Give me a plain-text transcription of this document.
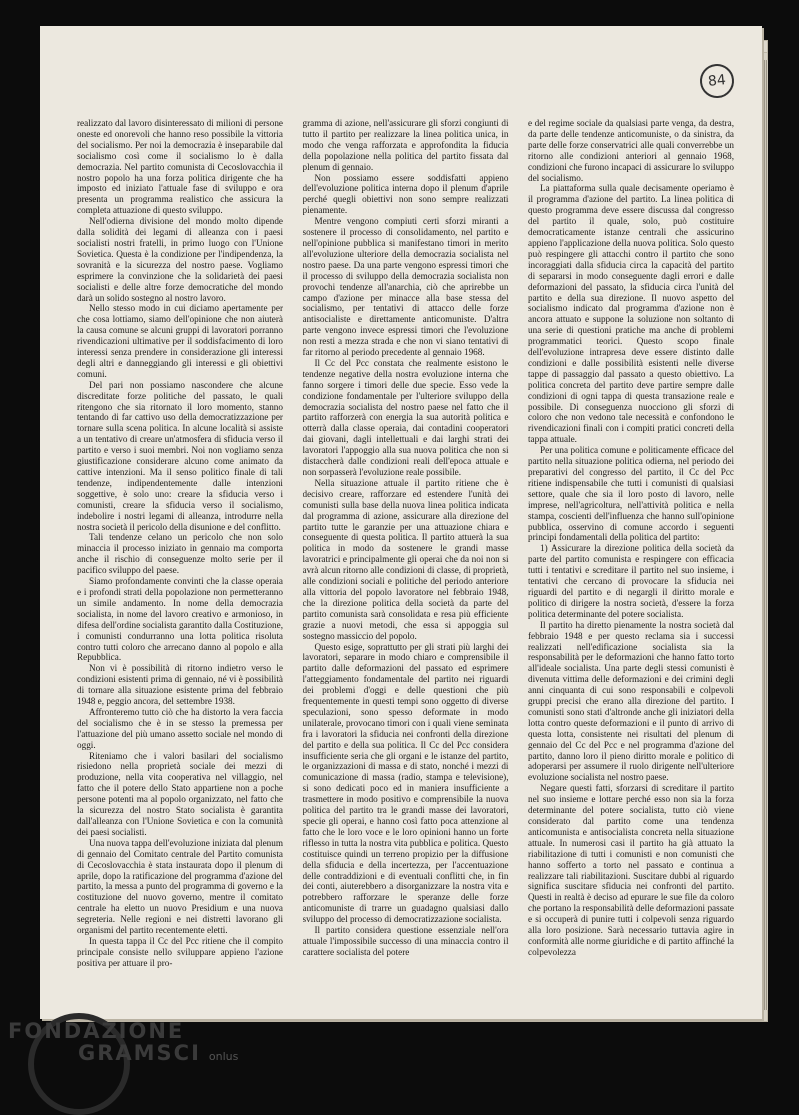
84

realizzato dal lavoro disinteressato di milioni di persone oneste ed onorevoli che hanno reso possibile la vittoria del socialismo. Per noi la democrazia è inseparabile dal socialismo così come il socialismo lo è dalla democrazia. Nel partito comunista di Cecoslovacchia il nostro popolo ha una forza politica dirigente che ha imposto ed iniziato l'attuale fase di sviluppo e ora presenta un programma realistico che assicura la completa attuazione di questo sviluppo.

Nell'odierna divisione del mondo molto dipende dalla solidità dei legami di alleanza con i paesi socialisti nostri fratelli, in primo luogo con l'Unione Sovietica. Questa è la condizione per l'indipendenza, la sovranità e la sicurezza del nostro paese. Vogliamo esprimere la convinzione che la solidarietà dei paesi socialisti e delle altre forze democratiche del mondo darà un solido sostegno al nostro lavoro.

Nello stesso modo in cui diciamo apertamente per che cosa lottiamo, siamo dell'opinione che non aiuterà la causa comune se alcuni gruppi di lavoratori porranno rivendicazioni ultimative per il soddisfacimento di loro interessi senza prendere in considerazione gli interessi degli altri e danneggiando gli interessi e gli obiettivi comuni.

Del pari non possiamo nascondere che alcune discreditate forze politiche del passato, le quali ritengono che sia ritornato il loro momento, stanno tentando di far cattivo uso della democratizzazione per tornare sulla scena politica. In alcune località si assiste a un tentativo di creare un'atmosfera di sfiducia verso il partito e verso i suoi membri. Noi non vogliamo senza giustificazione considerare alcuno come animato da cattive intenzioni. Ma il senso politico finale di tali tendenze, indipendentemente dalle intenzioni soggettive, è solo uno: creare la sfiducia verso i comunisti, creare la sfiducia verso il socialismo, indebolire i nostri legami di alleanza, introdurre nella nostra società il pericolo della disunione e del conflitto.

Tali tendenze celano un pericolo che non solo minaccia il processo iniziato in gennaio ma comporta anche il rischio di conseguenze molto serie per il pacifico sviluppo del paese.

Siamo profondamente convinti che la classe operaia e i profondi strati della popolazione non permetteranno un simile andamento. In nome della democrazia socialista, in nome del lavoro creativo e armonioso, in difesa dell'ordine socialista garantito dalla Costituzione, i comunisti condurranno una lotta politica risoluta contro tutti coloro che arrecano danno al popolo e alla Repubblica.

Non vi è possibilità di ritorno indietro verso le condizioni esistenti prima di gennaio, né vi è possibilità di tornare alla situazione esistente prima del febbraio 1948 e, peggio ancora, del settembre 1938.

Affronteremo tutto ciò che ha distorto la vera faccia del socialismo che è in se stesso la premessa per l'attuazione del più umano assetto sociale nel mondo di oggi.

Riteniamo che i valori basilari del socialismo risiedono nella proprietà sociale dei mezzi di produzione, nella vita cooperativa nel villaggio, nel fatto che il potere dello Stato appartiene non a poche persone potenti ma al popolo organizzato, nel fatto che la sicurezza del nostro Stato socialista è garantita dall'alleanza con l'Unione Sovietica e con la comunità dei paesi socialisti.

Una nuova tappa dell'evoluzione iniziata dal plenum di gennaio del Comitato centrale del Partito comunista di Cecoslovacchia è stata instaurata dopo il plenum di aprile, dopo la ratificazione del programma d'azione del partito, la messa a punto del programma di governo e la costituzione del nuovo governo, mentre il comitato centrale ha eletto un nuovo Presidium e una nuova segreteria. Nelle regioni e nei distretti lavorano gli organismi del partito recentemente eletti.

In questa tappa il Cc del Pcc ritiene che il compito principale consiste nello sviluppare appieno l'azione positiva per attuare il pro-

gramma di azione, nell'assicurare gli sforzi congiunti di tutto il partito per realizzare la linea politica unica, in modo che venga rafforzata e approfondita la fiducia della popolazione nella politica del partito fissata dal plenum di gennaio.

Non possiamo essere soddisfatti appieno dell'evoluzione politica interna dopo il plenum d'aprile perché quegli obiettivi non sono sempre realizzati pienamente.

Mentre vengono compiuti certi sforzi miranti a sostenere il processo di consolidamento, nel partito e nell'opinione pubblica si manifestano timori in merito all'evoluzione ulteriore della democrazia socialista nel nostro paese. Da una parte vengono espressi timori che il processo di sviluppo della democrazia socialista non provochi tendenze all'anarchia, ciò che aprirebbe un campo d'azione per minacce alla base stessa del socialismo, per tentativi di attacco delle forze antisocialiste e direttamente anticomuniste. D'altra parte vengono invece espressi timori che l'evoluzione non resti a mezza strada e che non vi siano tentativi di far ritorno al periodo precedente al gennaio 1968.

Il Cc del Pcc constata che realmente esistono le tendenze negative della nostra evoluzione interna che fanno sorgere i timori delle due specie. Esso vede la condizione fondamentale per l'ulteriore sviluppo della democrazia socialista del nostro paese nel fatto che il partito rafforzerà con energia la sua autorità politica e otterrà dalla classe operaia, dai contadini cooperatori dai giovani, dagli intellettuali e dai larghi strati dei lavoratori l'appoggio alla sua nuova politica che non si distaccherà dalle condizioni reali dell'epoca attuale e non sorpasserà l'evoluzione reale possibile.

Nella situazione attuale il partito ritiene che è decisivo creare, rafforzare ed estendere l'unità dei comunisti sulla base della nuova linea politica indicata dal programma di azione, assicurare alla direzione del partito tutte le garanzie per una attuazione chiara e conseguente di questa politica. Il partito attuerà la sua politica in modo da sostenere le grandi masse lavoratrici e principalmente gli operai che da noi non si avrà alcun ritorno alle condizioni di classe, di proprietà, alle condizioni sociali e politiche del periodo anteriore alla vittoria del popolo lavoratore nel febbraio 1948, che la direzione politica della società da parte del partito comunista sarà consolidata e resa più efficiente grazie a nuovi metodi, che essa si appoggia sul sostegno massiccio del popolo.

Questo esige, soprattutto per gli strati più larghi dei lavoratori, separare in modo chiaro e comprensibile il partito dalle deformazioni del passato ed esprimere l'atteggiamento fondamentale del partito nei riguardi dei problemi d'oggi e delle questioni che più frequentemente in questi tempi sono oggetto di diverse speculazioni, sono spesso deformate in modo unilaterale, provocano timori con i quali viene seminata fra i lavoratori la sfiducia nei confronti della direzione del partito e della sua politica. Il Cc del Pcc considera insufficiente seria che gli organi e le istanze del partito, le organizzazioni di massa e di stato, nonché i mezzi di comunicazione di massa (radio, stampa e televisione), si sono dedicati poco ed in maniera insufficiente a trasmettere in modo positivo e comprensibile la nuova politica del partito tra le grandi masse dei lavoratori, specie gli operai, e hanno così fatto poca attenzione al fatto che le loro voce e le loro opinioni hanno un forte riflesso in tutta la nostra vita pubblica e politica. Questo costituisce quindi un terreno propizio per la diffusione della sfiducia e della incertezza, per l'accentuazione delle contraddizioni e di eventuali conflitti che, in fin dei conti, aiuterebbero a disorganizzare la nostra vita e potrebbero rafforzare le speranze delle forze anticomuniste di trarre un guadagno qualsiasi dallo sviluppo del processo di democratizzazione socialista.

Il partito considera questione essenziale nell'ora attuale l'impossibile successo di una minaccia contro il carattere socialista del potere

e del regime sociale da qualsiasi parte venga, da destra, da parte delle tendenze anticomuniste, o da sinistra, da parte delle forze conservatrici alle quali converrebbe un ritorno alle condizioni anteriori al gennaio 1968, condizioni che furono incapaci di assicurare lo sviluppo del socialismo.

La piattaforma sulla quale decisamente operiamo è il programma d'azione del partito. La linea politica di questo programma deve essere discussa dal congresso del partito il quale, solo, può costituire democraticamente istanze centrali che assicurino appieno l'applicazione della nuova politica. Solo questo può respingere gli attacchi contro il partito che sono incoraggiati dalla sfiducia circa la capacità del partito di separarsi in modo conseguente dagli errori e dalle deformazioni del passato, la sfiducia circa l'unità del partito e della sua direzione. Il nuovo aspetto del socialismo indicato dal programma d'azione non è ancora attuato e suppone la soluzione non soltanto di una serie di questioni pratiche ma anche di problemi programmatici teorici. Questo scopo finale dell'evoluzione intrapresa deve essere distinto dalle condizioni e dalle possibilità esistenti nelle diverse tappe di passaggio dal passato a questo obiettivo. La politica concreta del partito deve partire sempre dalle condizioni di ogni tappa di questa transazione reale e possibile. Di conseguenza nuocciono gli sforzi di coloro che non vedono tale necessità e confondono le rivendicazioni finali con i compiti pratici concreti della tappa attuale.

Per una politica comune e politicamente efficace del partito nella situazione politica odierna, nel periodo dei preparativi del congresso del partito, il Cc del Pcc ritiene indispensabile che tutti i comunisti di qualsiasi settore, quale che sia il loro posto di lavoro, nelle imprese, nell'agricoltura, nell'attività politica e nella stampa, coscienti dell'influenza che hanno sull'opinione pubblica, osservino di comune accordo i seguenti principi fondamentali della politica del partito:

1) Assicurare la direzione politica della società da parte del partito comunista e respingere con efficacia tutti i tentativi e screditare il partito nel suo insieme, i tentativi che cercano di provocare la sfiducia nei riguardi del partito e di negargli il diritto morale e politico di dirigere la nostra società, d'essere la forza politica determinante del potere socialista.

Il partito ha diretto pienamente la nostra società dal febbraio 1948 e per questo reclama sia i successi realizzati nell'edificazione socialista sia la responsabilità per le deformazioni che hanno fatto torto all'ideale socialista. Una parte degli stessi comunisti è divenuta vittima delle deformazioni e dei crimini degli anni cinquanta di cui sono responsabili e colpevoli gruppi precisi che erano alla direzione del partito. I comunisti sono stati d'altronde anche gli iniziatori della lotta contro queste deformazioni e il punto di arrivo di questa lotta, consistente nei risultati del plenum di gennaio del Cc del Pcc e nel programma d'azione del partito, danno loro il pieno diritto morale e politico di adoperarsi per assumere il ruolo dirigente nell'ulteriore evoluzione socialista nel nostro paese.

Negare questi fatti, sforzarsi di screditare il partito nel suo insieme e lottare perché esso non sia la forza determinante del potere socialista, tutto ciò viene considerato dal partito come una tendenza anticomunista e antisocialista concreta nella situazione attuale. In numerosi casi il partito ha già attuato la riabilitazione di tutti i comunisti e non comunisti che hanno sofferto a torto nel passato e continua a realizzare tali riabilitazioni. Suscitare dubbi al riguardo significa suscitare sfiducia nei confronti del partito. Questi in realtà è deciso ad epurare le sue file da coloro che portano la responsabilità delle deformazioni passate e si occuperà di punire tutti i colpevoli senza riguardo alla loro posizione. Sarà necessario tuttavia agire in conformità alle norme giuridiche e di partito affinché la colpevolezza

FONDAZIONE
GRAMSCI onlus
